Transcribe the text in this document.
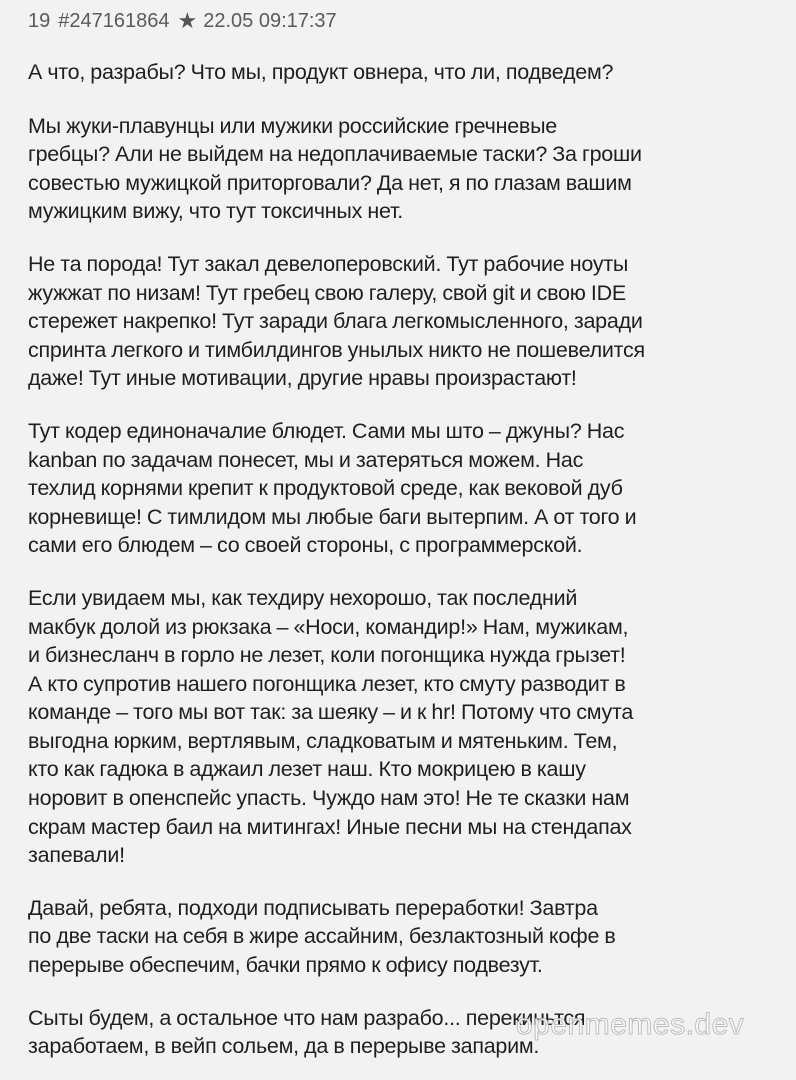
19 #247161864 ★ 22.05 09:17:37

А что, разрабы? Что мы, продукт овнера, что ли, подведем?

Мы жуки-плавунцы или мужики российские гречневые
гребцы? Али не выйдем на недоплачиваемые таски? За гроши
совестью мужицкой приторговали? Да нет, я по глазам вашим
мужицким вижу, что тут токсичных нет.

Не та порода! Тут закал девелоперовский. Тут рабочие ноуты
жужжат по низам! Тут гребец свою галеру, свой git и свою IDE
стережет накрепко! Тут заради блага легкомысленного, заради
спринта легкого и тимбилдингов унылых никто не пошевелится
даже! Тут иные мотивации, другие нравы произрастают!

Тут кодер единоначалие блюдет. Сами мы што – джуны? Нас
kanban по задачам понесет, мы и затеряться можем. Нас
техлид корнями крепит к продуктовой среде, как вековой дуб
корневище! С тимлидом мы любые баги вытерпим. А от того и
сами его блюдем – со своей стороны, с программерской.

Если увидаем мы, как техдиру нехорошо, так последний
макбук долой из рюкзака – «Носи, командир!» Нам, мужикам,
и бизнесланч в горло не лезет, коли погонщика нужда грызет!
А кто супротив нашего погонщика лезет, кто смуту разводит в
команде – того мы вот так: за шеяку – и к hr! Потому что смута
выгодна юрким, вертлявым, сладковатым и мятеньким. Тем,
кто как гадюка в аджаил лезет наш. Кто мокрицею в кашу
норовит в опенспейс упасть. Чуждо нам это! Не те сказки нам
скрам мастер баил на митингах! Иные песни мы на стендапах
запевали!

Давай, ребята, подходи подписывать переработки! Завтра
по две таски на себя в жире ассайним, безлактозный кофе в
перерыве обеспечим, бачки прямо к офису подвезут.

Сыты будем, а остальное что нам разрабо... перекиньтся
заработаем, в вейп сольем, да в перерыве запарим.

openmemes.dev
